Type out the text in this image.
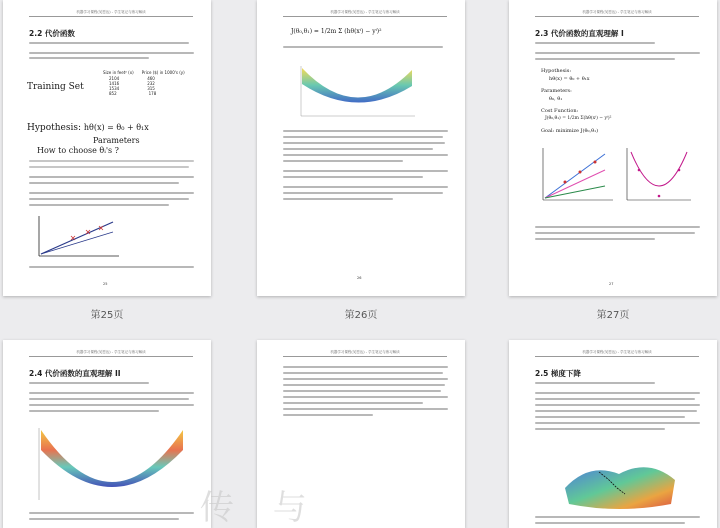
机器学习课程(吴恩达) - 学生笔记与练习解读
2.2 代价函数
Training Set
Size in feet² (x) Price ($) in 1000's (y)
2104	460
1416	232
1534	315
852	178
Hypothesis: hθ(x) = θ₀ + θ₁x
Parameters
How to choose θᵢ's ?
25
第25页
机器学习课程(吴恩达) - 学生笔记与练习解读
J(θ₀,θ₁) = 1/2m Σ (hθ(xⁱ) − yⁱ)²
26
第26页
机器学习课程(吴恩达) - 学生笔记与练习解读
2.3 代价函数的直观理解 I
Hypothesis:
hθ(x) = θ₀ + θ₁x
Parameters:
θ₀, θ₁
Cost Function:
J(θ₀,θ₁) = 1/2m Σ(hθ(xⁱ) − yⁱ)²
Goal: minimize J(θ₀,θ₁)
27
第27页
机器学习课程(吴恩达) - 学生笔记与练习解读
2.4 代价函数的直观理解 II
机器学习课程(吴恩达) - 学生笔记与练习解读	机器学习课程(吴恩达) - 学生笔记与练习解读
2.5 梯度下降
传 与
